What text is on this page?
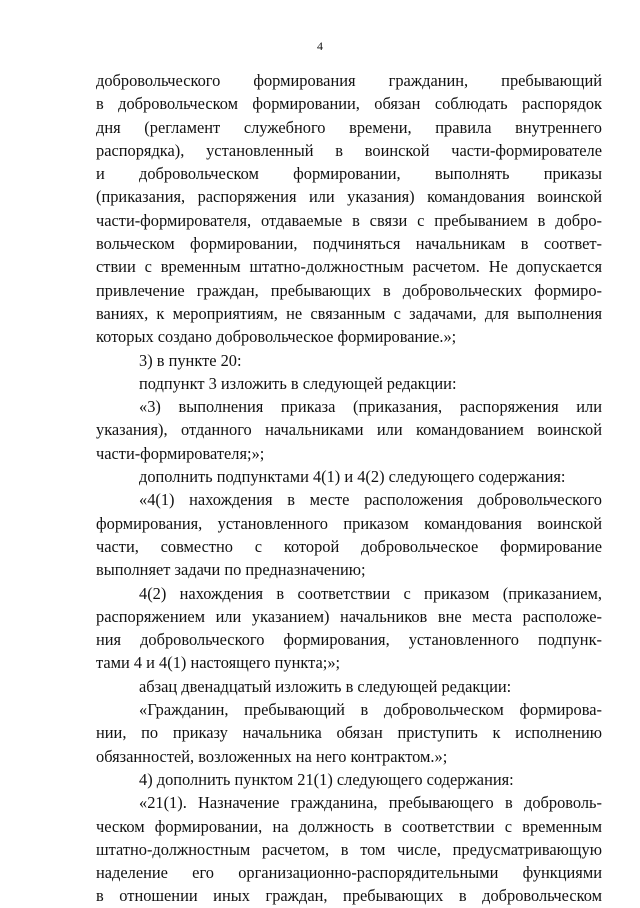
4
добровольческого формирования гражданин, пребывающий
в добровольческом формировании, обязан соблюдать распорядок
дня (регламент служебного времени, правила внутреннего
распорядка), установленный в воинской части-формирователе
и добровольческом формировании, выполнять приказы
(приказания, распоряжения или указания) командования воинской
части-формирователя, отдаваемые в связи с пребыванием в добро-
вольческом формировании, подчиняться начальникам в соответ-
ствии с временным штатно-должностным расчетом. Не допускается
привлечение граждан, пребывающих в добровольческих формиро-
ваниях, к мероприятиям, не связанным с задачами, для выполнения
которых создано добровольческое формирование.»;
3) в пункте 20:
подпункт 3 изложить в следующей редакции:
«3) выполнения приказа (приказания, распоряжения или
указания), отданного начальниками или командованием воинской
части-формирователя;»;
дополнить подпунктами 4(1) и 4(2) следующего содержания:
«4(1) нахождения в месте расположения добровольческого
формирования, установленного приказом командования воинской
части, совместно с которой добровольческое формирование
выполняет задачи по предназначению;
4(2) нахождения в соответствии с приказом (приказанием,
распоряжением или указанием) начальников вне места расположе-
ния добровольческого формирования, установленного подпунк-
тами 4 и 4(1) настоящего пункта;»;
абзац двенадцатый изложить в следующей редакции:
«Гражданин, пребывающий в добровольческом формирова-
нии, по приказу начальника обязан приступить к исполнению
обязанностей, возложенных на него контрактом.»;
4) дополнить пунктом 21(1) следующего содержания:
«21(1). Назначение гражданина, пребывающего в доброволь-
ческом формировании, на должность в соответствии с временным
штатно-должностным расчетом, в том числе, предусматривающую
наделение его организационно-распорядительными функциями
в отношении иных граждан, пребывающих в добровольческом
